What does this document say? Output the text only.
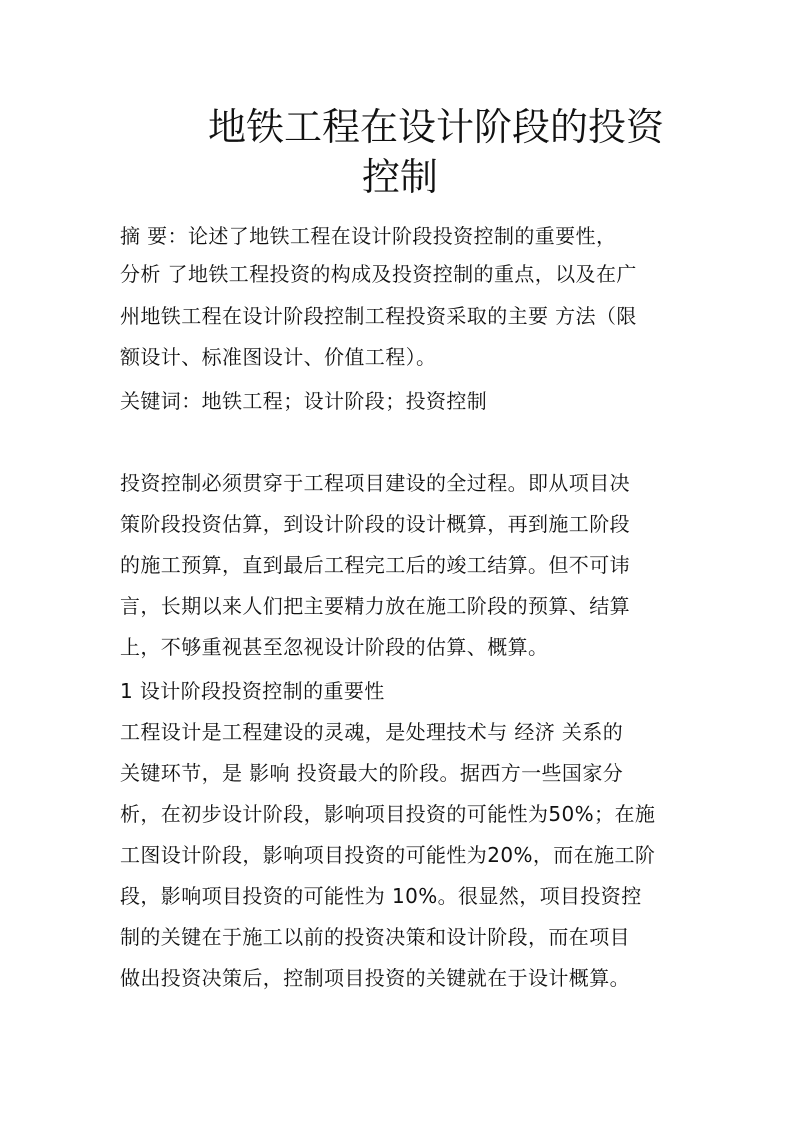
地铁工程在设计阶段的投资
控制
摘 要：论述了地铁工程在设计阶段投资控制的重要性，
分析 了地铁工程投资的构成及投资控制的重点，以及在广
州地铁工程在设计阶段控制工程投资采取的主要 方法（限
额设计、标准图设计、价值工程）。
关键词：地铁工程；设计阶段；投资控制
投资控制必须贯穿于工程项目建设的全过程。即从项目决
策阶段投资估算，到设计阶段的设计概算，再到施工阶段
的施工预算，直到最后工程完工后的竣工结算。但不可讳
言，长期以来人们把主要精力放在施工阶段的预算、结算
上，不够重视甚至忽视设计阶段的估算、概算。
1 设计阶段投资控制的重要性
工程设计是工程建设的灵魂，是处理技术与 经济 关系的
关键环节，是 影响 投资最大的阶段。据西方一些国家分
析，在初步设计阶段，影响项目投资的可能性为50%；在施
工图设计阶段，影响项目投资的可能性为20%，而在施工阶
段，影响项目投资的可能性为 10%。很显然，项目投资控
制的关键在于施工以前的投资决策和设计阶段，而在项目
做出投资决策后，控制项目投资的关键就在于设计概算。
